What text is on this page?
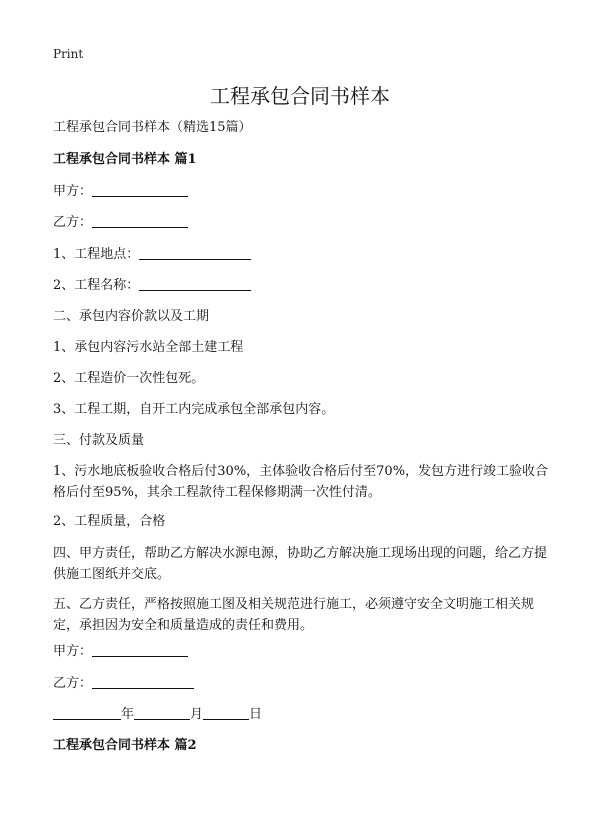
Print
工程承包合同书样本
工程承包合同书样本（精选15篇）
工程承包合同书样本 篇1
甲方：
乙方：
1、工程地点：
2、工程名称：
二、承包内容价款以及工期
1、承包内容污水站全部土建工程
2、工程造价一次性包死。
3、工程工期，自开工内完成承包全部承包内容。
三、付款及质量
1、污水地底板验收合格后付30%，主体验收合格后付至70%，发包方进行竣工验收合格后付至95%，其余工程款待工程保修期满一次性付清。
2、工程质量，合格
四、甲方责任，帮助乙方解决水源电源，协助乙方解决施工现场出现的问题，给乙方提供施工图纸并交底。
五、乙方责任，严格按照施工图及相关规范进行施工，必须遵守安全文明施工相关规定，承担因为安全和质量造成的责任和费用。
甲方：
乙方：
年	月	日
工程承包合同书样本 篇2
